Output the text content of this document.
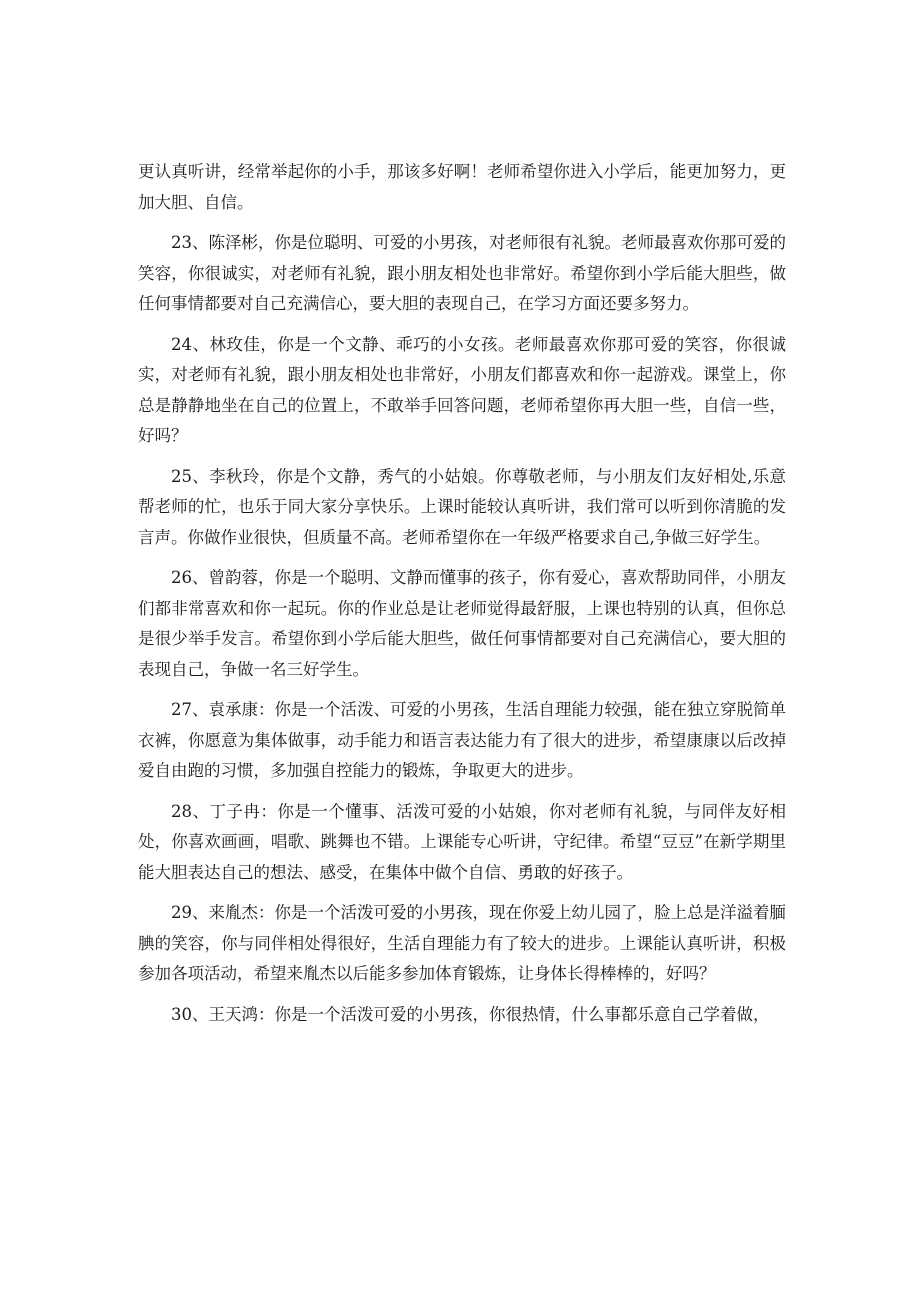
更认真听讲，经常举起你的小手，那该多好啊！老师希望你进入小学后，能更加努力，更加大胆、自信。

23、陈泽彬，你是位聪明、可爱的小男孩，对老师很有礼貌。老师最喜欢你那可爱的笑容，你很诚实，对老师有礼貌，跟小朋友相处也非常好。希望你到小学后能大胆些，做任何事情都要对自己充满信心，要大胆的表现自己，在学习方面还要多努力。

24、林玫佳，你是一个文静、乖巧的小女孩。老师最喜欢你那可爱的笑容，你很诚实，对老师有礼貌，跟小朋友相处也非常好，小朋友们都喜欢和你一起游戏。课堂上，你总是静静地坐在自己的位置上，不敢举手回答问题，老师希望你再大胆一些，自信一些，好吗？

25、李秋玲，你是个文静，秀气的小姑娘。你尊敬老师，与小朋友们友好相处,乐意帮老师的忙，也乐于同大家分享快乐。上课时能较认真听讲，我们常可以听到你清脆的发言声。你做作业很快，但质量不高。老师希望你在一年级严格要求自己,争做三好学生。

26、曾韵蓉，你是一个聪明、文静而懂事的孩子，你有爱心，喜欢帮助同伴，小朋友们都非常喜欢和你一起玩。你的作业总是让老师觉得最舒服，上课也特别的认真，但你总是很少举手发言。希望你到小学后能大胆些，做任何事情都要对自己充满信心，要大胆的表现自己，争做一名三好学生。

27、袁承康：你是一个活泼、可爱的小男孩，生活自理能力较强，能在独立穿脱简单衣裤，你愿意为集体做事，动手能力和语言表达能力有了很大的进步，希望康康以后改掉爱自由跑的习惯，多加强自控能力的锻炼，争取更大的进步。

28、丁子冉：你是一个懂事、活泼可爱的小姑娘，你对老师有礼貌，与同伴友好相处，你喜欢画画，唱歌、跳舞也不错。上课能专心听讲，守纪律。希望“豆豆”在新学期里能大胆表达自己的想法、感受，在集体中做个自信、勇敢的好孩子。

29、来胤杰：你是一个活泼可爱的小男孩，现在你爱上幼儿园了，脸上总是洋溢着腼腆的笑容，你与同伴相处得很好，生活自理能力有了较大的进步。上课能认真听讲，积极参加各项活动，希望来胤杰以后能多参加体育锻炼，让身体长得棒棒的，好吗？

30、王天鸿：你是一个活泼可爱的小男孩，你很热情，什么事都乐意自己学着做，
